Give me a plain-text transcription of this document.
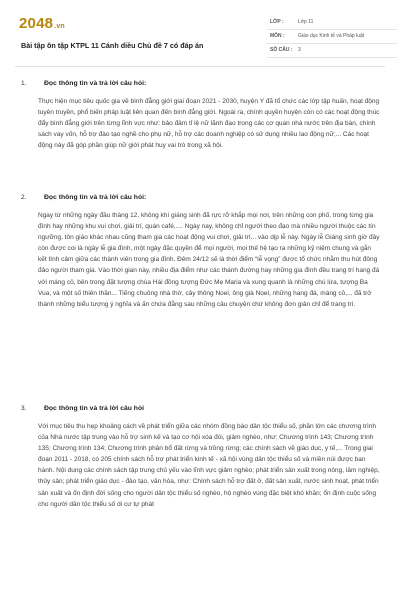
2048.vn
Bài tập ôn tập KTPL 11 Cánh diều Chủ đề 7 có đáp án
LỚP :	Lớp 11
MÔN :	Giáo dục Kinh tế và Pháp luật
SỐ CÂU : 3
1.	Đọc thông tin và trả lời câu hỏi:
Thực hiện mục tiêu quốc gia về bình đẳng giới giai đoạn 2021 - 2030, huyện Y đã tổ chức các lớp tập huấn, hoạt động tuyên truyền, phổ biến pháp luật liên quan đến bình đẳng giới. Ngoài ra, chính quyền huyện còn có các hoạt động thúc đẩy bình đẳng giới trên từng lĩnh vực như: bảo đảm tỉ lệ nữ lãnh đạo trong các cơ quan nhà nước trên địa bàn, chính sách vay vốn, hỗ trợ đào tạo nghề cho phụ nữ, hỗ trợ các doanh nghiệp có sử dụng nhiều lao động nữ;... Các hoạt động này đã góp phần giúp nữ giới phát huy vai trò trong xã hội.
2.	Đọc thông tin và trả lời câu hỏi:
Ngay từ những ngày đầu tháng 12, không khí giáng sinh đã rực rỡ khắp mọi nơi, trên những con phố, trong từng gia đình hay những khu vui chơi, giải trí, quán café,.... Ngày nay, không chỉ người theo đạo mà nhiều người thuộc các tín ngưỡng, tôn giáo khác nhau cũng tham gia các hoạt động vui chơi, giải trí... vào dịp lễ này. Ngày lễ Giáng sinh giờ đây còn được coi là ngày lễ gia đình, một ngày đặc quyền để mọi người, mọi thế hệ tạo ra những kỷ niệm chung và gắn kết tình cảm giữa các thành viên trong gia đình. Đêm 24/12 sẽ là thời điểm “lễ vọng” được tổ chức nhằm thu hút đông đảo người tham gia. Vào thời gian này, nhiều địa điểm như các thánh đường hay những gia đình đều trang trí hang đá với máng cỏ, bên trong đặt tượng chúa Hài đồng tượng Đức Mẹ Maria và xung quanh là những chú lừa, tượng Ba Vua, và một số thiên thần... Tiếng chuông nhà thờ, cây thông Noel, ông già Noel, những hang đá, máng cỏ,... đã trở thành những biểu tượng ý nghĩa và ấn chứa đằng sau những câu chuyện chứ không đơn giản chỉ để trang trí.
3.	Đọc thông tin và trả lời câu hỏi
Với mục tiêu thu hẹp khoảng cách về phát triển giữa các nhóm đồng bào dân tộc thiểu số, phần lớn các chương trình của Nhà nước tập trung vào hỗ trợ sinh kế và tạo cơ hội xóa đói, giảm nghèo, như: Chương trình 143; Chương trình 135; Chương trình 134; Chương trình phân bổ đất rừng và trồng rừng; các chính sách về giáo dục, y tế,... Trong giai đoạn 2011 - 2018, có 205 chính sách hỗ trợ phát triển kinh tế - xã hội vùng dân tộc thiểu số và miền núi được ban hành. Nội dung các chính sách tập trung chủ yếu vào lĩnh vực giảm nghèo; phát triển sản xuất trong nông, lâm nghiệp, thủy sản; phát triển giáo dục - đào tạo, văn hóa, như: Chính sách hỗ trợ đất ở, đất sản xuất, nước sinh hoạt, phát triển sản xuất và ổn định đời sống cho người dân tộc thiểu số nghèo, hộ nghèo vùng đặc biệt khó khăn; ổn định cuộc sống cho người dân tộc thiểu số di cư tự phát
